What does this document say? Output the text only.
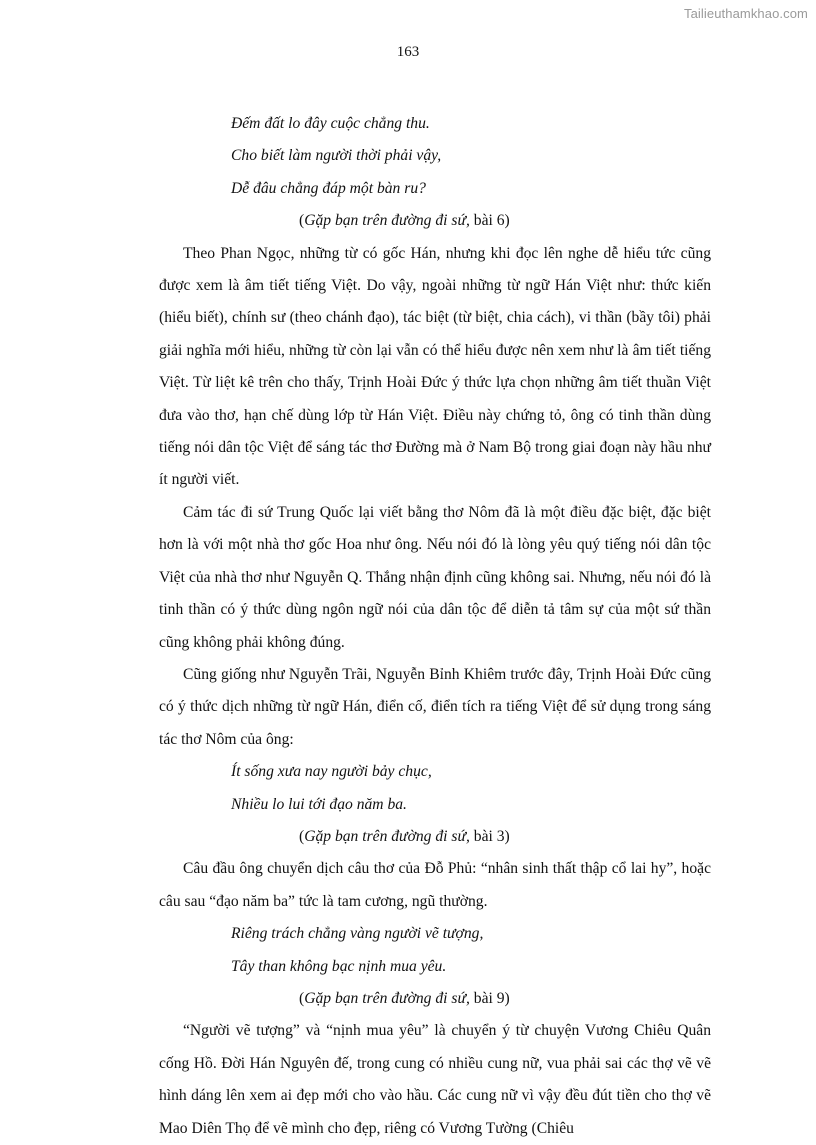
Tailieuthamkhao.com
163
Đếm đất lo đây cuộc chẳng thu.
Cho biết làm người thời phải vậy,
Dễ đâu chẳng đáp một bàn ru?
(Gặp bạn trên đường đi sứ, bài 6)

Theo Phan Ngọc, những từ có gốc Hán, nhưng khi đọc lên nghe dễ hiểu tức cũng được xem là âm tiết tiếng Việt. Do vậy, ngoài những từ ngữ Hán Việt như: thức kiến (hiểu biết), chính sư (theo chánh đạo), tác biệt (từ biệt, chia cách), vi thần (bầy tôi) phải giải nghĩa mới hiểu, những từ còn lại vẫn có thể hiểu được nên xem như là âm tiết tiếng Việt. Từ liệt kê trên cho thấy, Trịnh Hoài Đức ý thức lựa chọn những âm tiết thuần Việt đưa vào thơ, hạn chế dùng lớp từ Hán Việt. Điều này chứng tỏ, ông có tinh thần dùng tiếng nói dân tộc Việt để sáng tác thơ Đường mà ở Nam Bộ trong giai đoạn này hầu như ít người viết.

Cảm tác đi sứ Trung Quốc lại viết bằng thơ Nôm đã là một điều đặc biệt, đặc biệt hơn là với một nhà thơ gốc Hoa như ông. Nếu nói đó là lòng yêu quý tiếng nói dân tộc Việt của nhà thơ như Nguyễn Q. Thắng nhận định cũng không sai. Nhưng, nếu nói đó là tinh thần có ý thức dùng ngôn ngữ nói của dân tộc để diễn tả tâm sự của một sứ thần cũng không phải không đúng.

Cũng giống như Nguyễn Trãi, Nguyễn Bỉnh Khiêm trước đây, Trịnh Hoài Đức cũng có ý thức dịch những từ ngữ Hán, điển cố, điển tích ra tiếng Việt để sử dụng trong sáng tác thơ Nôm của ông:

Ít sống xưa nay người bảy chục,
Nhiều lo lui tới đạo năm ba.
(Gặp bạn trên đường đi sứ, bài 3)

Câu đầu ông chuyển dịch câu thơ của Đỗ Phủ: “nhân sinh thất thập cổ lai hy”, hoặc câu sau “đạo năm ba” tức là tam cương, ngũ thường.

Riêng trách chẳng vàng người vẽ tượng,
Tây than không bạc nịnh mua yêu.
(Gặp bạn trên đường đi sứ, bài 9)

“Người vẽ tượng” và “nịnh mua yêu” là chuyển ý từ chuyện Vương Chiêu Quân cống Hồ. Đời Hán Nguyên đế, trong cung có nhiều cung nữ, vua phải sai các thợ vẽ vẽ hình dáng lên xem ai đẹp mới cho vào hầu. Các cung nữ vì vậy đều đút tiền cho thợ vẽ Mao Diên Thọ để vẽ mình cho đẹp, riêng có Vương Tường (Chiêu
